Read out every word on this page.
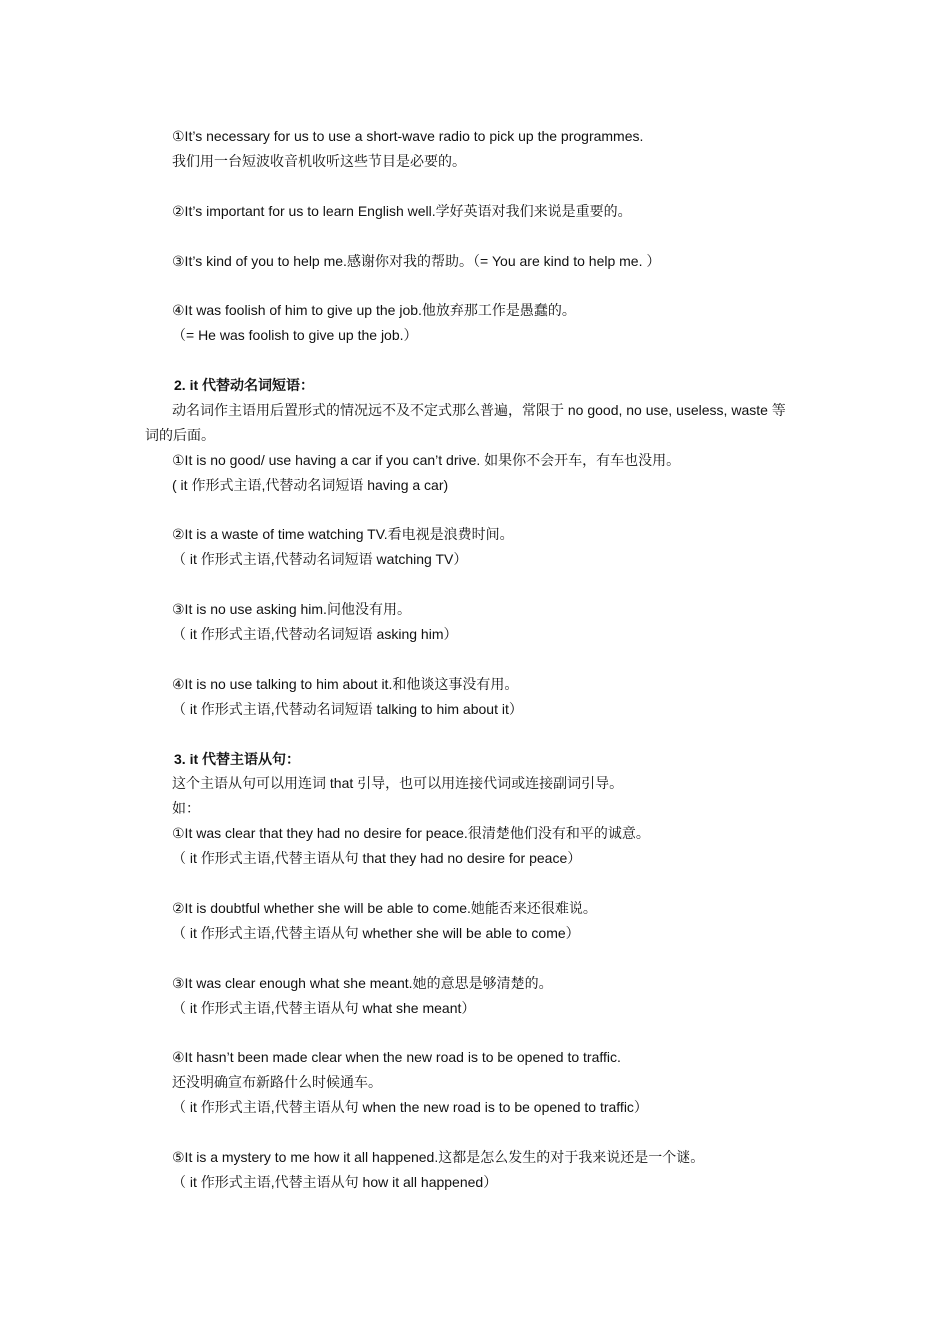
①It’s necessary for us to use a short-wave radio to pick up the programmes.
我们用一台短波收音机收听这些节目是必要的。
②It’s important for us to learn English well.学好英语对我们来说是重要的。
③It’s kind of you to help me.感谢你对我的帮助。（= You are kind to help me. ）
④It was foolish of him to give up the job.他放弃那工作是愚蠢的。
（= He was foolish to give up the job.）
2. it 代替动名词短语：
动名词作主语用后置形式的情况远不及不定式那么普遍，常限于 no good, no use, useless, waste 等
词的后面。
①It is no good/ use having a car if you can’t drive. 如果你不会开车，有车也没用。
( it 作形式主语,代替动名词短语 having a car)
②It is a waste of time watching TV.看电视是浪费时间。
（ it 作形式主语,代替动名词短语 watching TV）
③It is no use asking him.问他没有用。
（ it 作形式主语,代替动名词短语 asking him）
④It is no use talking to him about it.和他谈这事没有用。
（ it 作形式主语,代替动名词短语 talking to him about it）
3. it 代替主语从句：
这个主语从句可以用连词 that 引导，也可以用连接代词或连接副词引导。
如：
①It was clear that they had no desire for peace.很清楚他们没有和平的诚意。
（ it 作形式主语,代替主语从句 that they had no desire for peace）
②It is doubtful whether she will be able to come.她能否来还很难说。
（ it 作形式主语,代替主语从句 whether she will be able to come）
③It was clear enough what she meant.她的意思是够清楚的。
（ it 作形式主语,代替主语从句 what she meant）
④It hasn’t been made clear when the new road is to be opened to traffic.
还没明确宣布新路什么时候通车。
（ it 作形式主语,代替主语从句 when the new road is to be opened to traffic）
⑤It is a mystery to me how it all happened.这都是怎么发生的对于我来说还是一个谜。
（ it 作形式主语,代替主语从句 how it all happened）
